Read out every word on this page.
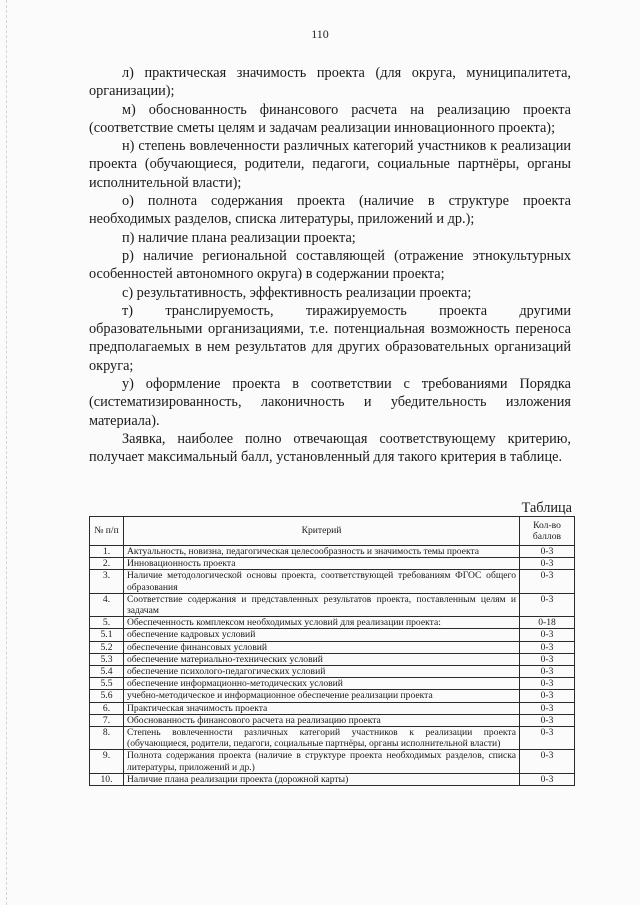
110

л) практическая значимость проекта (для округа, муниципалитета, организации);

м) обоснованность финансового расчета на реализацию проекта (соответствие сметы целям и задачам реализации инновационного проекта);

н) степень вовлеченности различных категорий участников к реализации проекта (обучающиеся, родители, педагоги, социальные партнёры, органы исполнительной власти);

о) полнота содержания проекта (наличие в структуре проекта необходимых разделов, списка литературы, приложений и др.);

п) наличие плана реализации проекта;

р) наличие региональной составляющей (отражение этнокультурных особенностей автономного округа) в содержании проекта;

с) результативность, эффективность реализации проекта;

т) транслируемость, тиражируемость проекта другими образовательными организациями, т.е. потенциальная возможность переноса предполагаемых в нем результатов для других образовательных организаций округа;

у) оформление проекта в соответствии с требованиями Порядка (систематизированность, лаконичность и убедительность изложения материала).

Заявка, наиболее полно отвечающая соответствующему критерию, получает максимальный балл, установленный для такого критерия в таблице.

Таблица
№ п/п	Критерий	Кол-во баллов
1.	Актуальность, новизна, педагогическая целесообразность и значимость темы проекта	0-3
2.	Инновационность проекта	0-3
3.	Наличие методологической основы проекта, соответствующей требованиям ФГОС общего образования	0-3
4.	Соответствие содержания и представленных результатов проекта, поставленным целям и задачам	0-3
5.	Обеспеченность комплексом необходимых условий для реализации проекта:	0-18
5.1	обеспечение кадровых условий	0-3
5.2	обеспечение финансовых условий	0-3
5.3	обеспечение материально-технических условий	0-3
5.4	обеспечение психолого-педагогических условий	0-3
5.5	обеспечение информационно-методических условий	0-3
5.6	учебно-методическое и информационное обеспечение реализации проекта	0-3
6.	Практическая значимость проекта	0-3
7.	Обоснованность финансового расчета на реализацию проекта	0-3
8.	Степень вовлеченности различных категорий участников к реализации проекта (обучающиеся, родители, педагоги, социальные партнёры, органы исполнительной власти)	0-3
9.	Полнота содержания проекта (наличие в структуре проекта необходимых разделов, списка литературы, приложений и др.)	0-3
10.	Наличие плана реализации проекта (дорожной карты)	0-3
